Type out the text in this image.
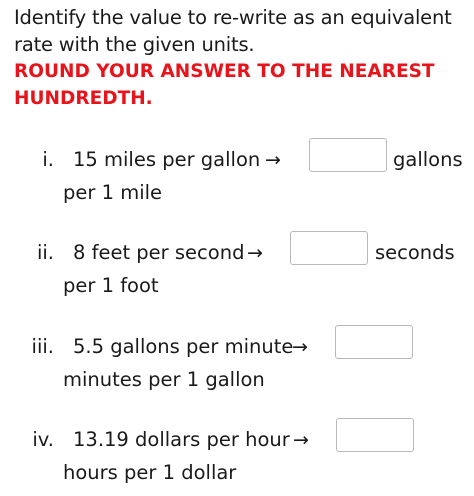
Identify the value to re-write as an equivalent
rate with the given units.
ROUND YOUR ANSWER TO THE NEAREST
HUNDREDTH.
i. 15 miles per gallon →	gallons
per 1 mile
ii. 8 feet per second →	seconds
per 1 foot
iii. 5.5 gallons per minute
→
minutes per 1 gallon
iv. 13.19 dollars per hour →
hours per 1 dollar
